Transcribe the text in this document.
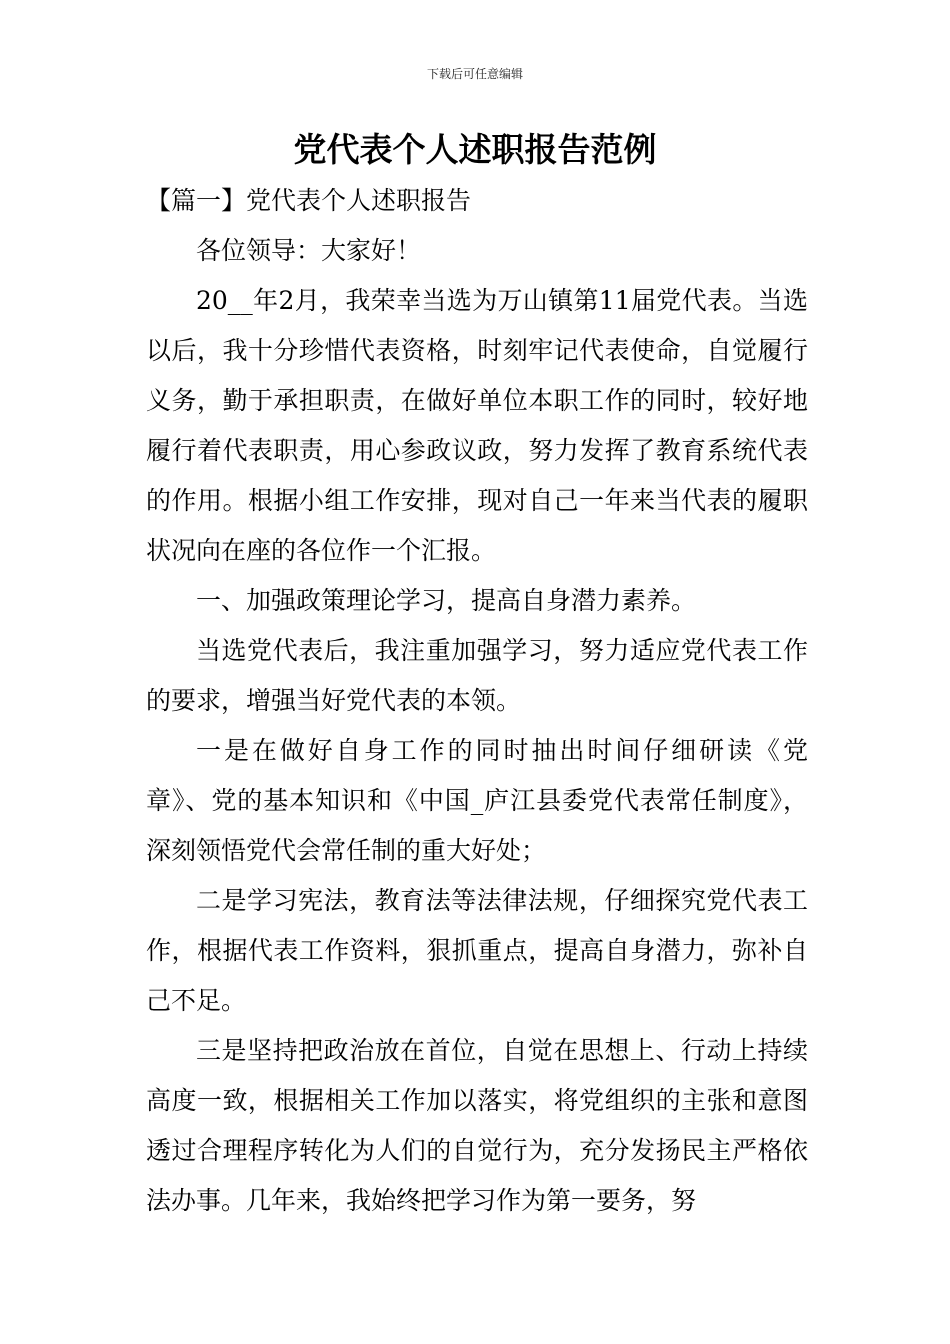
下载后可任意编辑
党代表个人述职报告范例

【篇一】党代表个人述职报告

各位领导：大家好！

20__年2月，我荣幸当选为万山镇第11届党代表。当选以后，我十分珍惜代表资格，时刻牢记代表使命，自觉履行义务，勤于承担职责，在做好单位本职工作的同时，较好地履行着代表职责，用心参政议政，努力发挥了教育系统代表的作用。根据小组工作安排，现对自己一年来当代表的履职状况向在座的各位作一个汇报。

一、加强政策理论学习，提高自身潜力素养。

当选党代表后，我注重加强学习，努力适应党代表工作的要求，增强当好党代表的本领。

一是在做好自身工作的同时抽出时间仔细研读《党章》、党的基本知识和《中国_庐江县委党代表常任制度》，深刻领悟党代会常任制的重大好处；

二是学习宪法，教育法等法律法规，仔细探究党代表工作，根据代表工作资料，狠抓重点，提高自身潜力，弥补自己不足。

三是坚持把政治放在首位，自觉在思想上、行动上持续高度一致，根据相关工作加以落实，将党组织的主张和意图透过合理程序转化为人们的自觉行为，充分发扬民主严格依法办事。几年来，我始终把学习作为第一要务，努
